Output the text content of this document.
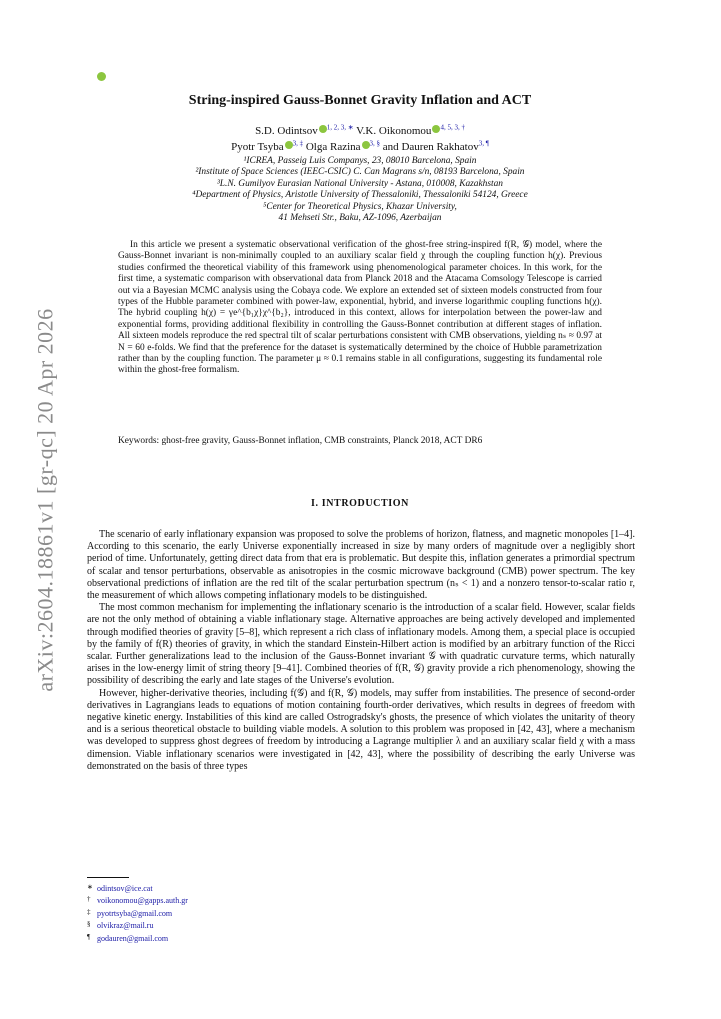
arXiv:2604.18861v1 [gr-qc] 20 Apr 2026
String-inspired Gauss-Bonnet Gravity Inflation and ACT
S.D. Odintsov $^{1, 2, 3, ∗}$ V.K. Oikonomou $^{4, 5, 3, \dagger}$
Pyotr Tsyba $^{3, \ddagger}$ Olga Razina $^{3, \S}$ and Dauren Rakhatov$^{3, \P}$
¹ICREA, Passeig Luis Companys, 23, 08010 Barcelona, Spain
²Institute of Space Sciences (IEEC-CSIC) C. Can Magrans s/n, 08193 Barcelona, Spain
³L.N. Gumilyov Eurasian National University - Astana, 010008, Kazakhstan
⁴Department of Physics, Aristotle University of Thessaloniki, Thessaloniki 54124, Greece
⁵Center for Theoretical Physics, Khazar University,
41 Mehseti Str., Baku, AZ-1096, Azerbaijan

In this article we present a systematic observational verification of the ghost-free string-inspired f(R, 𝒢) model, where the Gauss-Bonnet invariant is non-minimally coupled to an auxiliary scalar field χ through the coupling function h(χ). Previous studies confirmed the theoretical viability of this framework using phenomenological parameter choices. In this work, for the first time, a systematic comparison with observational data from Planck 2018 and the Atacama Comsology Telescope is carried out via a Bayesian MCMC analysis using the Cobaya code. We explore an extended set of sixteen models constructed from four types of the Hubble parameter combined with power-law, exponential, hybrid, and inverse logarithmic coupling functions h(χ). The hybrid coupling h(χ) = γe^{b₁χ}χ^{b₂}, introduced in this context, allows for interpolation between the power-law and exponential forms, providing additional flexibility in controlling the Gauss-Bonnet contribution at different stages of inflation. All sixteen models reproduce the red spectral tilt of scalar perturbations consistent with CMB observations, yielding nₛ ≈ 0.97 at N = 60 e-folds. We find that the preference for the dataset is systematically determined by the choice of Hubble parametrization rather than by the coupling function. The parameter μ ≈ 0.1 remains stable in all configurations, suggesting its fundamental role within the ghost-free formalism.

Keywords: ghost-free gravity, Gauss-Bonnet inflation, CMB constraints, Planck 2018, ACT DR6
I. INTRODUCTION

The scenario of early inflationary expansion was proposed to solve the problems of horizon, flatness, and magnetic monopoles [1–4]. According to this scenario, the early Universe exponentially increased in size by many orders of magnitude over a negligibly short period of time. Unfortunately, getting direct data from that era is problematic. But despite this, inflation generates a primordial spectrum of scalar and tensor perturbations, observable as anisotropies in the cosmic microwave background (CMB) power spectrum. The key observational predictions of inflation are the red tilt of the scalar perturbation spectrum (nₛ < 1) and a nonzero tensor-to-scalar ratio r, the measurement of which allows competing inflationary models to be distinguished.

The most common mechanism for implementing the inflationary scenario is the introduction of a scalar field. However, scalar fields are not the only method of obtaining a viable inflationary stage. Alternative approaches are being actively developed and implemented through modified theories of gravity [5–8], which represent a rich class of inflationary models. Among them, a special place is occupied by the family of f(R) theories of gravity, in which the standard Einstein-Hilbert action is modified by an arbitrary function of the Ricci scalar. Further generalizations lead to the inclusion of the Gauss-Bonnet invariant 𝒢 with quadratic curvature terms, which naturally arises in the low-energy limit of string theory [9–41]. Combined theories of f(R, 𝒢) gravity provide a rich phenomenology, showing the possibility of describing the early and late stages of the Universe's evolution.

However, higher-derivative theories, including f(𝒢) and f(R, 𝒢) models, may suffer from instabilities. The presence of second-order derivatives in Lagrangians leads to equations of motion containing fourth-order derivatives, which results in degrees of freedom with negative kinetic energy. Instabilities of this kind are called Ostrogradsky's ghosts, the presence of which violates the unitarity of theory and is a serious theoretical obstacle to building viable models. A solution to this problem was proposed in [42, 43], where a mechanism was developed to suppress ghost degrees of freedom by introducing a Lagrange multiplier λ and an auxiliary scalar field χ with a mass dimension. Viable inflationary scenarios were investigated in [42, 43], where the possibility of describing the early Universe was demonstrated on the basis of three types

∗ odintsov@ice.cat
† voikonomou@gapps.auth.gr
‡ pyotrtsyba@gmail.com
§ olvikraz@mail.ru
¶ godauren@gmail.com
